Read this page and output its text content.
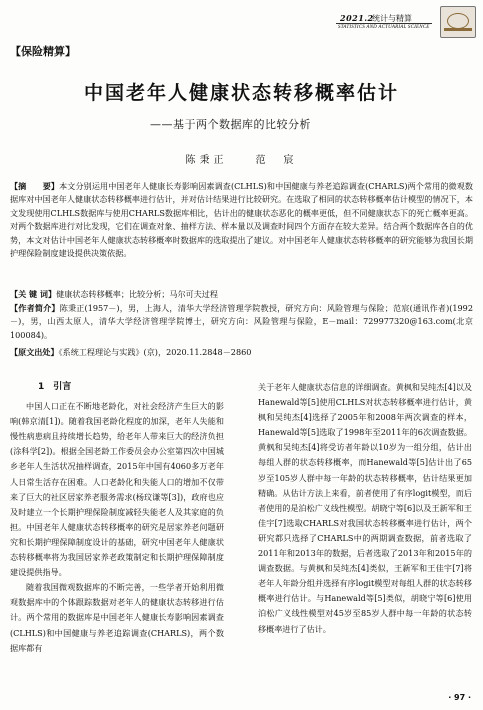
2021.2
统计与精算
STATISTICS AND ACTUARIAL SCIENCE
【保险精算】
中国老年人健康状态转移概率估计
——基于两个数据库的比较分析
陈秉正　　范　宸
【摘　　要】本文分别运用中国老年人健康长寿影响因素调查(CLHLS)和中国健康与养老追踪调查(CHARLS)两个常用的微观数据库对中国老年人健康状态转移概率进行估计，并对估计结果进行比较研究。在选取了相同的状态转移概率估计模型的情况下，本文发现使用CLHLS数据库与使用CHARLS数据库相比，估计出的健康状态恶化的概率更低，但不同健康状态下的死亡概率更高。对两个数据库进行对比发现，它们在调查对象、抽样方法、样本量以及调查时间四个方面存在较大差异。结合两个数据库各自的优势，本文对估计中国老年人健康状态转移概率时数据库的选取提出了建议。对中国老年人健康状态转移概率的研究能够为我国长期护理保险制度建设提供决策依据。
【关 键 词】健康状态转移概率；比较分析；马尔可夫过程
【作者简介】陈秉正(1957－)，男，上海人，清华大学经济管理学院教授，研究方向：风险管理与保险；范宸(通讯作者)(1992－)，男，山西太原人，清华大学经济管理学院博士，研究方向：风险管理与保险，E－mail：729977320@163.com(北京　100084)。
【原文出处】《系统工程理论与实践》(京)，2020.11.2848－2860
1　引言

中国人口正在不断地老龄化，对社会经济产生巨大的影响(韩京清[1])。随着我国老龄化程度的加深，老年人失能和慢性病患病且持续增长趋势，给老年人带来巨大的经济负担(涂科学[2])。根据全国老龄工作委员会办公室第四次中国城乡老年人生活状况抽样调查，2015年中国有4060多万老年人日常生活存在困难。人口老龄化和失能人口的增加不仅带来了巨大的社区居家养老服务需求(杨玟谦等[3])，政府也应及时建立一个长期护理保险制度减轻失能老人及其家庭的负担。中国老年人健康状态转移概率的研究是居家养老问题研究和长期护理保障制度设计的基础，研究中国老年人健康状态转移概率将为我国居家养老政策制定和长期护理保障制度建设提供指导。

随着我国微观数据库的不断完善，一些学者开始利用微观数据库中的个体跟踪数据对老年人的健康状态转移进行估计。两个常用的数据库是中国老年人健康长寿影响因素调查(CLHLS)和中国健康与养老追踪调查(CHARLS)，两个数据库都有

关于老年人健康状态信息的详细调查。黄枫和吴纯杰[4]以及Hanewald等[5]使用CLHLS对状态转移概率进行估计，黄枫和吴纯杰[4]选择了2005年和2008年两次调查的样本，Hanewald等[5]选取了1998年至2011年的6次调查数据。黄枫和吴纯杰[4]将受访者年龄以10岁为一组分组，估计出每组人群的状态转移概率，而Hanewald等[5]估计出了65岁至105岁人群中每一年龄的状态转移概率，估计结果更加精确。从估计方法上来看，前者使用了有序logit模型，而后者使用的是泊松广义线性模型。胡晓宁等[6]以及王新军和王佳宇[7]选取CHARLS对我国状态转移概率进行估计，两个研究都只选择了CHARLS中的两期调查数据，前者选取了2011年和2013年的数据，后者选取了2013年和2015年的调查数据。与黄枫和吴纯杰[4]类似，王新军和王佳宇[7]将老年人年龄分组并选择有序logit模型对每组人群的状态转移概率进行估计。与Hanewald等[5]类似，胡晓宁等[6]使用泊松广义线性模型对45岁至85岁人群中每一年龄的状态转移概率进行了估计。

· 97 ·
